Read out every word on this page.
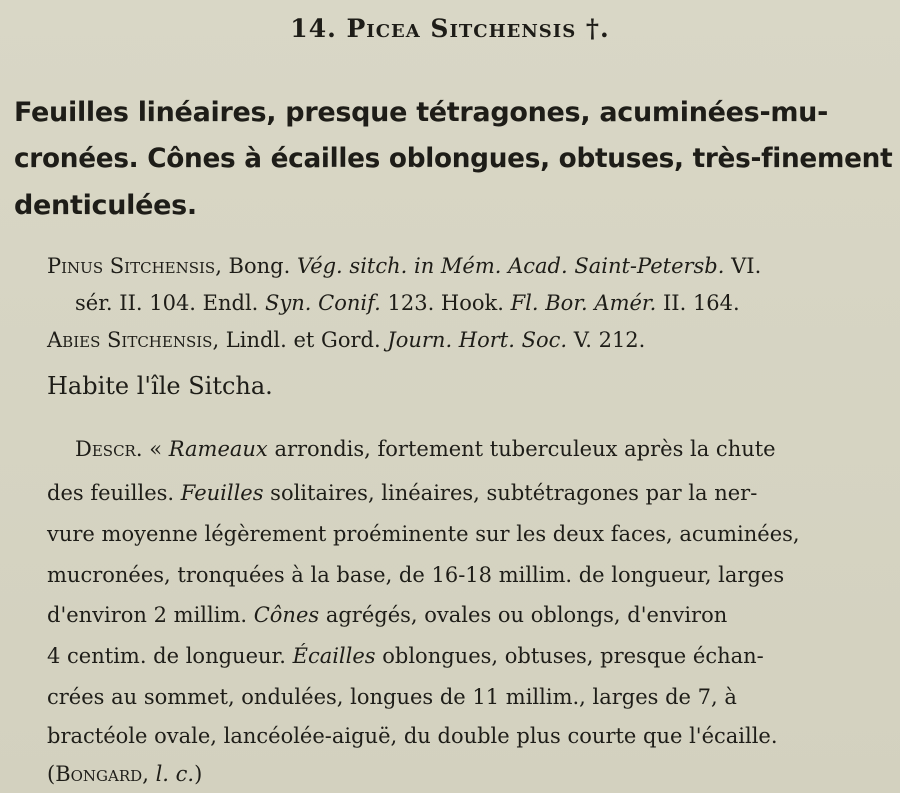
14. Picea Sitchensis †.
Feuilles linéaires, presque tétragones, acuminées-mu-
cronées. Cônes à écailles oblongues, obtuses, très-finement
denticulées.
Pinus Sitchensis, Bong. Vég. sitch. in Mém. Acad. Saint-Petersb. VI.
sér. II. 104. Endl. Syn. Conif. 123. Hook. Fl. Bor. Amér. II. 164.
Abies Sitchensis, Lindl. et Gord. Journ. Hort. Soc. V. 212.
Habite l'île Sitcha.
Descr. « Rameaux arrondis, fortement tuberculeux après la chute
des feuilles. Feuilles solitaires, linéaires, subtétragones par la ner-
vure moyenne légèrement proéminente sur les deux faces, acuminées,
mucronées, tronquées à la base, de 16-18 millim. de longueur, larges
d'environ 2 millim. Cônes agrégés, ovales ou oblongs, d'environ
4 centim. de longueur. Écailles oblongues, obtuses, presque échan-
crées au sommet, ondulées, longues de 11 millim., larges de 7, à
bractéole ovale, lancéolée-aiguë, du double plus courte que l'écaille.
(Bongard, l. c.)
